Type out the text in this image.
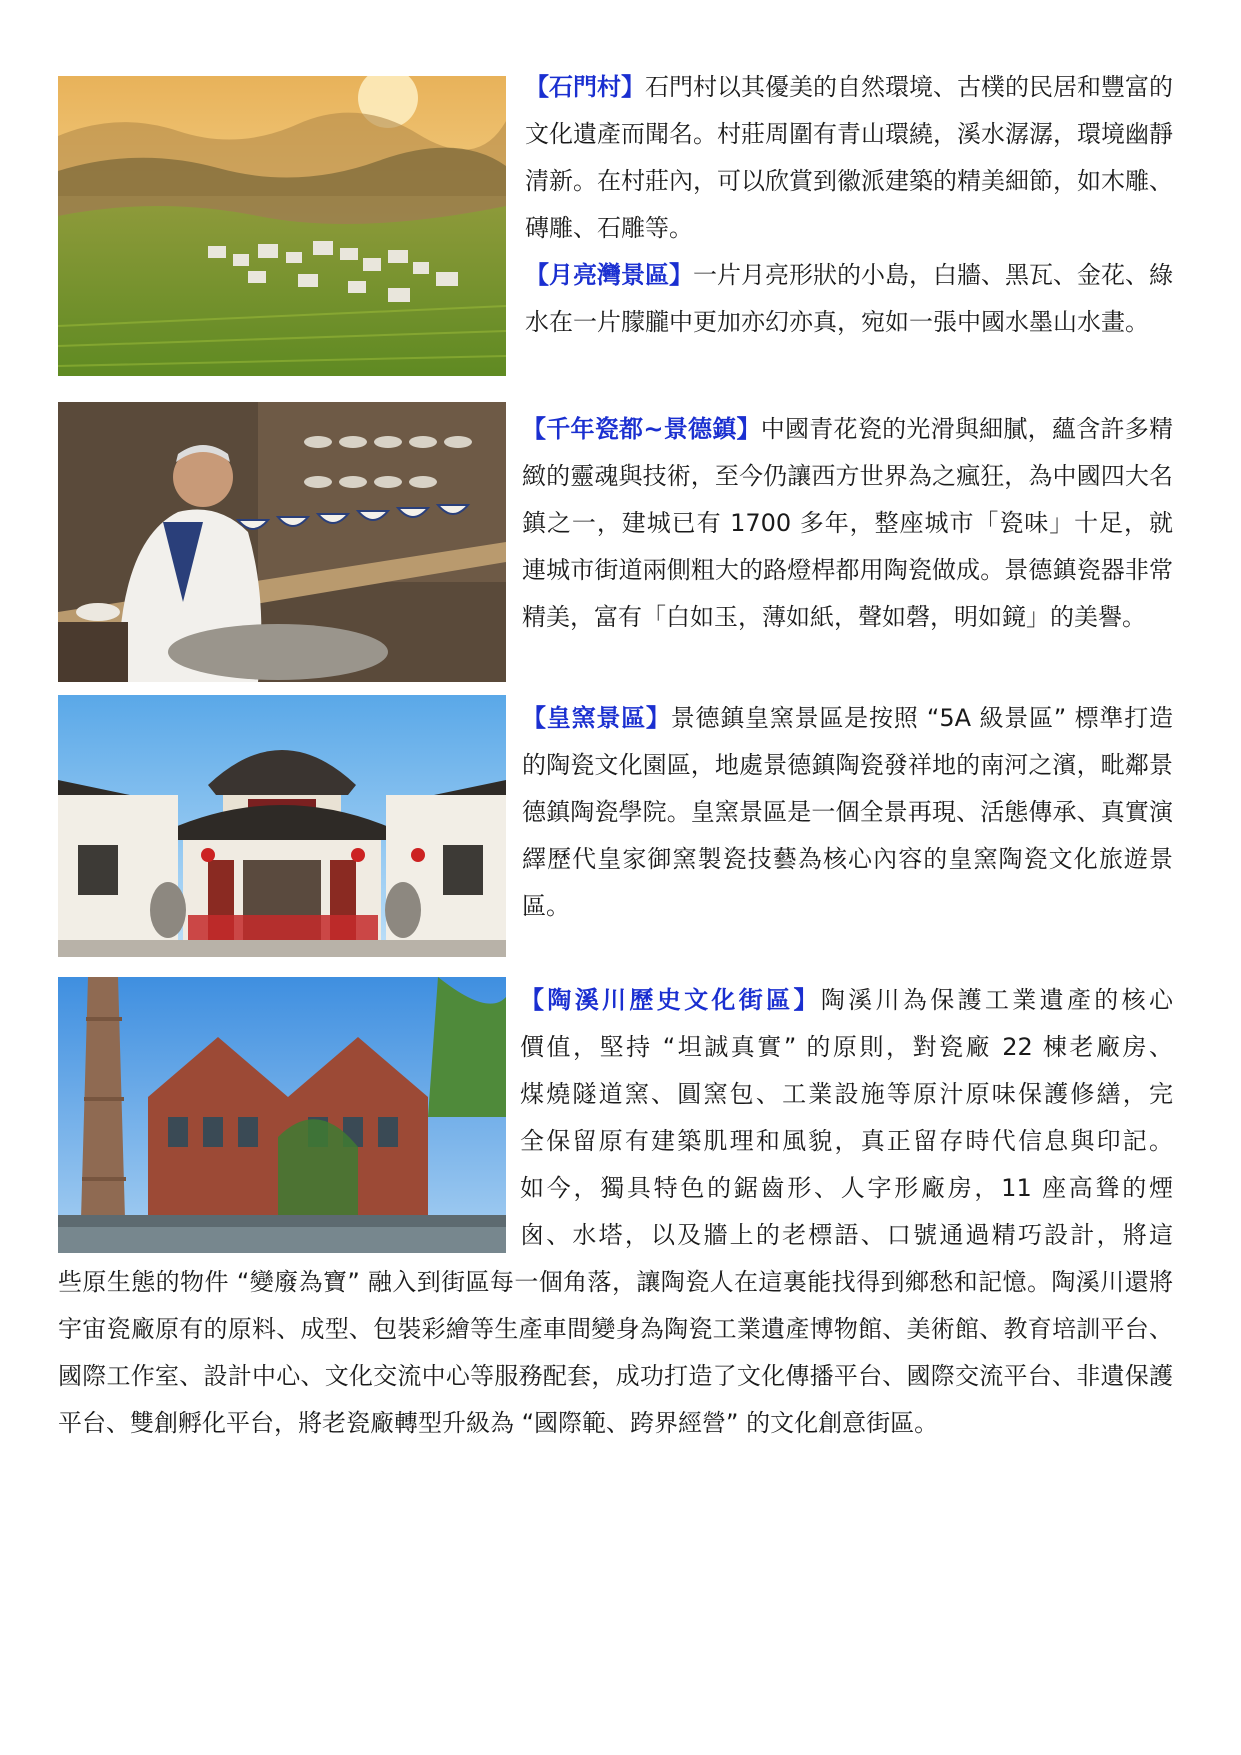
【石門村】石門村以其優美的自然環境、古樸的民居和豐富的文化遺產而聞名。村莊周圍有青山環繞，溪水潺潺，環境幽靜清新。在村莊內，可以欣賞到徽派建築的精美細節，如木雕、磚雕、石雕等。
【月亮灣景區】一片月亮形狀的小島，白牆、黑瓦、金花、綠水在一片朦朧中更加亦幻亦真，宛如一張中國水墨山水畫。
【千年瓷都~景德鎮】中國青花瓷的光滑與細膩，蘊含許多精緻的靈魂與技術，至今仍讓西方世界為之瘋狂，為中國四大名鎮之一，建城已有 1700 多年，整座城市「瓷味」十足，就連城市街道兩側粗大的路燈桿都用陶瓷做成。景德鎮瓷器非常精美，富有「白如玉，薄如紙，聲如磬，明如鏡」的美譽。
【皇窯景區】景德鎮皇窯景區是按照 “5A 級景區” 標準打造的陶瓷文化園區，地處景德鎮陶瓷發祥地的南河之濱，毗鄰景德鎮陶瓷學院。皇窯景區是一個全景再現、活態傳承、真實演繹歷代皇家御窯製瓷技藝為核心內容的皇窯陶瓷文化旅遊景區。
【陶溪川歷史文化街區】陶溪川為保護工業遺產的核心
價值，堅持 “坦誠真實” 的原則，對瓷廠 22 棟老廠房、
煤燒隧道窯、圓窯包、工業設施等原汁原味保護修繕，完
全保留原有建築肌理和風貌，真正留存時代信息與印記。
如今，獨具特色的鋸齒形、人字形廠房，11 座高聳的煙
囪、水塔，以及牆上的老標語、口號通過精巧設計，將這
些原生態的物件 “變廢為寶” 融入到街區每一個角落，讓陶瓷人在這裏能找得到鄉愁和記憶。陶溪川還將宇宙瓷廠原有的原料、成型、包裝彩繪等生產車間變身為陶瓷工業遺產博物館、美術館、教育培訓平台、國際工作室、設計中心、文化交流中心等服務配套，成功打造了文化傳播平台、國際交流平台、非遺保護平台、雙創孵化平台，將老瓷廠轉型升級為 “國際範、跨界經營” 的文化創意街區。
